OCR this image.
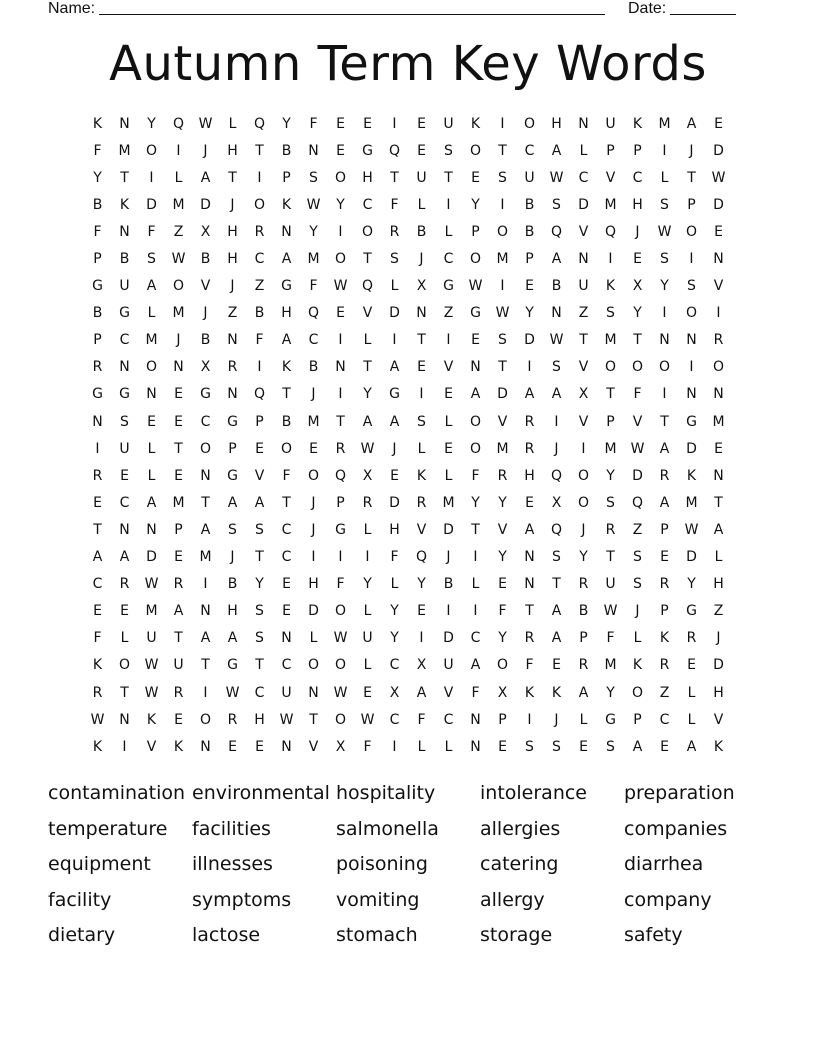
Name:	Date:
Autumn Term Key Words
K	N	Y	Q	W	L	Q	Y	F	E	E	I	E	U	K	I	O	H	N	U	K	M	A	E
F	M	O	I	J	H	T	B	N	E	G	Q	E	S	O	T	C	A	L	P	P	I	J	D
Y	T	I	L	A	T	I	P	S	O	H	T	U	T	E	S	U	W	C	V	C	L	T	W
B	K	D	M	D	J	O	K	W	Y	C	F	L	I	Y	I	B	S	D	M	H	S	P	D
F	N	F	Z	X	H	R	N	Y	I	O	R	B	L	P	O	B	Q	V	Q	J	W	O	E
P	B	S	W	B	H	C	A	M	O	T	S	J	C	O	M	P	A	N	I	E	S	I	N
G	U	A	O	V	J	Z	G	F	W	Q	L	X	G	W	I	E	B	U	K	X	Y	S	V
B	G	L	M	J	Z	B	H	Q	E	V	D	N	Z	G	W	Y	N	Z	S	Y	I	O	I
P	C	M	J	B	N	F	A	C	I	L	I	T	I	E	S	D	W	T	M	T	N	N	R
R	N	O	N	X	R	I	K	B	N	T	A	E	V	N	T	I	S	V	O	O	O	I	O
G	G	N	E	G	N	Q	T	J	I	Y	G	I	E	A	D	A	A	X	T	F	I	N	N
N	S	E	E	C	G	P	B	M	T	A	A	S	L	O	V	R	I	V	P	V	T	G	M
I	U	L	T	O	P	E	O	E	R	W	J	L	E	O	M	R	J	I	M	W	A	D	E
R	E	L	E	N	G	V	F	O	Q	X	E	K	L	F	R	H	Q	O	Y	D	R	K	N
E	C	A	M	T	A	A	T	J	P	R	D	R	M	Y	Y	E	X	O	S	Q	A	M	T
T	N	N	P	A	S	S	C	J	G	L	H	V	D	T	V	A	Q	J	R	Z	P	W	A
A	A	D	E	M	J	T	C	I	I	I	F	Q	J	I	Y	N	S	Y	T	S	E	D	L
C	R	W	R	I	B	Y	E	H	F	Y	L	Y	B	L	E	N	T	R	U	S	R	Y	H
E	E	M	A	N	H	S	E	D	O	L	Y	E	I	I	F	T	A	B	W	J	P	G	Z
F	L	U	T	A	A	S	N	L	W	U	Y	I	D	C	Y	R	A	P	F	L	K	R	J
K	O	W	U	T	G	T	C	O	O	L	C	X	U	A	O	F	E	R	M	K	R	E	D
R	T	W	R	I	W	C	U	N	W	E	X	A	V	F	X	K	K	A	Y	O	Z	L	H
W	N	K	E	O	R	H	W	T	O	W	C	F	C	N	P	I	J	L	G	P	C	L	V
K	I	V	K	N	E	E	N	V	X	F	I	L	L	N	E	S	S	E	S	A	E	A	K
contamination environmental hospitality	intolerance	preparation
temperature	facilities	salmonella	allergies	companies
equipment	illnesses	poisoning	catering	diarrhea
facility	symptoms	vomiting	allergy	company
dietary	lactose	stomach	storage	safety
